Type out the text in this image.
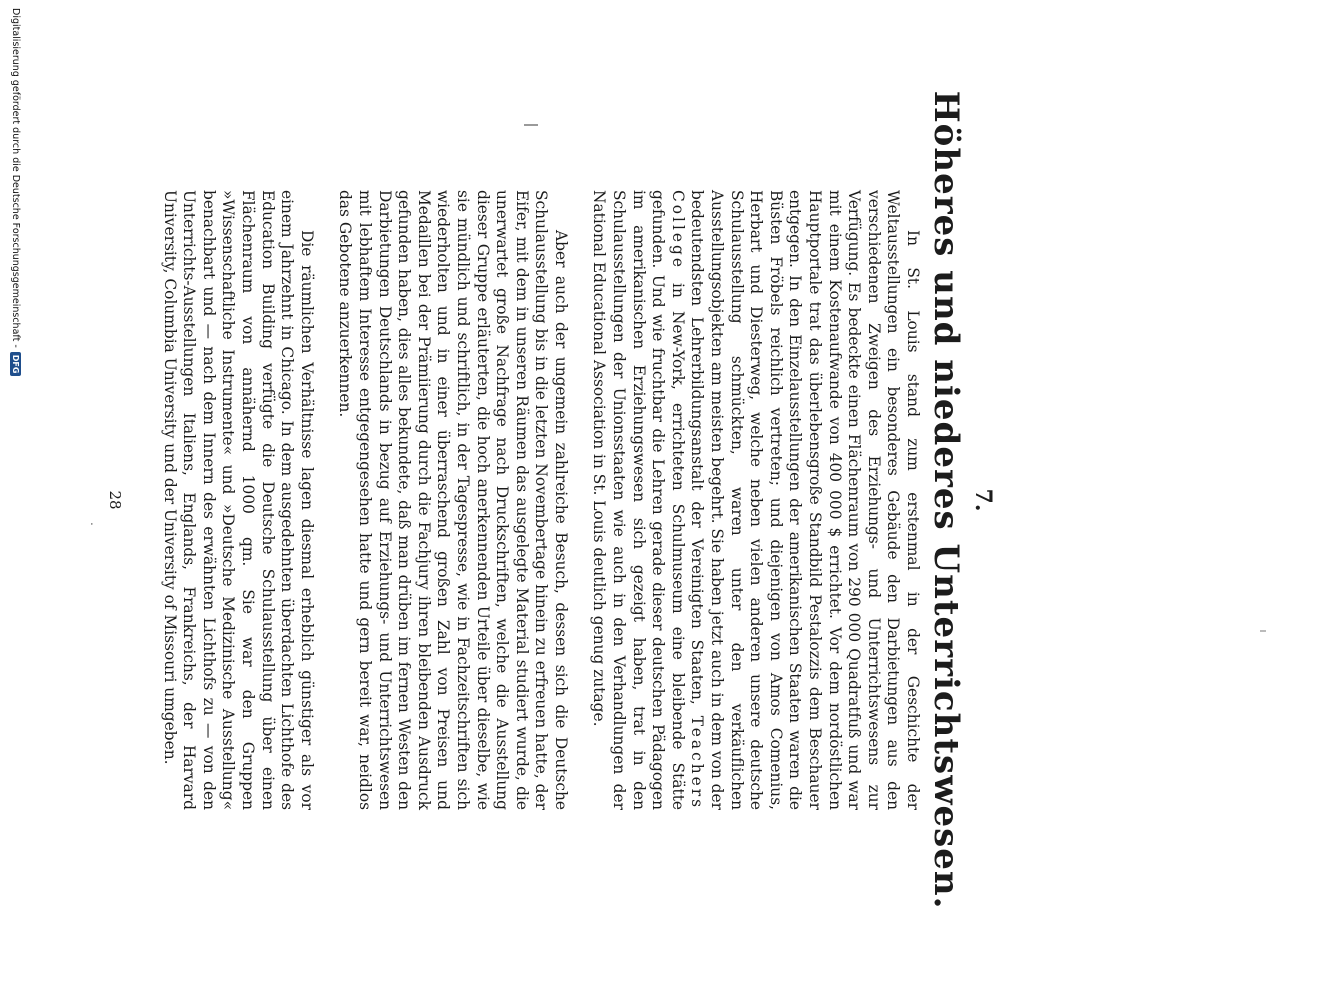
7.
Höheres und niederes Unterrichtswesen.

In St. Louis stand zum erstenmal in der Geschichte der Weltausstellungen ein besonderes Gebäude den Darbietungen aus den verschiedenen Zweigen des Erziehungs- und Unterrichtswesens zur Verfügung. Es bedeckte einen Flächenraum von 290 000 Quadratfuß und war mit einem Kostenaufwande von 400 000 $ errichtet. Vor dem nordöstlichen Hauptportale trat das überlebensgroße Standbild Pestalozzis dem Beschauer entgegen. In den Einzelausstellungen der amerikanischen Staaten waren die Büsten Fröbels reichlich vertreten; und diejenigen von Amos Comenius, Herbart und Diesterweg, welche neben vielen anderen unsere deutsche Schulausstellung schmückten, waren unter den verkäuflichen Ausstellungsobjekten am meisten begehrt. Sie haben jetzt auch in dem von der bedeutendsten Lehrerbildungsanstalt der Vereinigten Staaten, Teachers College in New-York, errichteten Schulmuseum eine bleibende Stätte gefunden. Und wie fruchtbar die Lehren gerade dieser deutschen Pädagogen im amerikanischen Erziehungswesen sich gezeigt haben, trat in den Schulausstellungen der Unionsstaaten wie auch in den Verhandlungen der National Educational Association in St. Louis deutlich genug zutage.

Aber auch der ungemein zahlreiche Besuch, dessen sich die Deutsche Schulausstellung bis in die letzten Novembertage hinein zu erfreuen hatte, der Eifer, mit dem in unseren Räumen das ausgelegte Material studiert wurde, die unerwartet große Nachfrage nach Druckschriften, welche die Ausstellung dieser Gruppe erläuterten, die hoch anerkennenden Urteile über dieselbe, wie sie mündlich und schriftlich, in der Tagespresse, wie in Fachzeitschriften sich wiederholten und in einer überraschend großen Zahl von Preisen und Medaillen bei der Prämiierung durch die Fachjury ihren bleibenden Ausdruck gefunden haben, dies alles bekundete, daß man drüben im fernen Westen den Darbietungen Deutschlands in bezug auf Erziehungs- und Unterrichtswesen mit lebhaftem Interesse entgegengesehen hatte und gern bereit war, neidlos das Gebotene anzuerkennen.

Die räumlichen Verhältnisse lagen diesmal erheblich günstiger als vor einem Jahrzehnt in Chicago. In dem ausgedehnten überdachten Lichthofe des Education Building verfügte die Deutsche Schulausstellung über einen Flächenraum von annähernd 1000 qm. Sie war den Gruppen »Wissenschaftliche Instrumente« und »Deutsche Medizinische Ausstellung« benachbart und — nach dem Innern des erwähnten Lichthofs zu — von den Unterrichts-Ausstellungen Italiens, Englands, Frankreichs, der Harvard University, Columbia University und der University of Missouri umgeben.

28
.
Digitalisierung gefördert durch die Deutsche Forschungsgemeinschaft -
DFG
